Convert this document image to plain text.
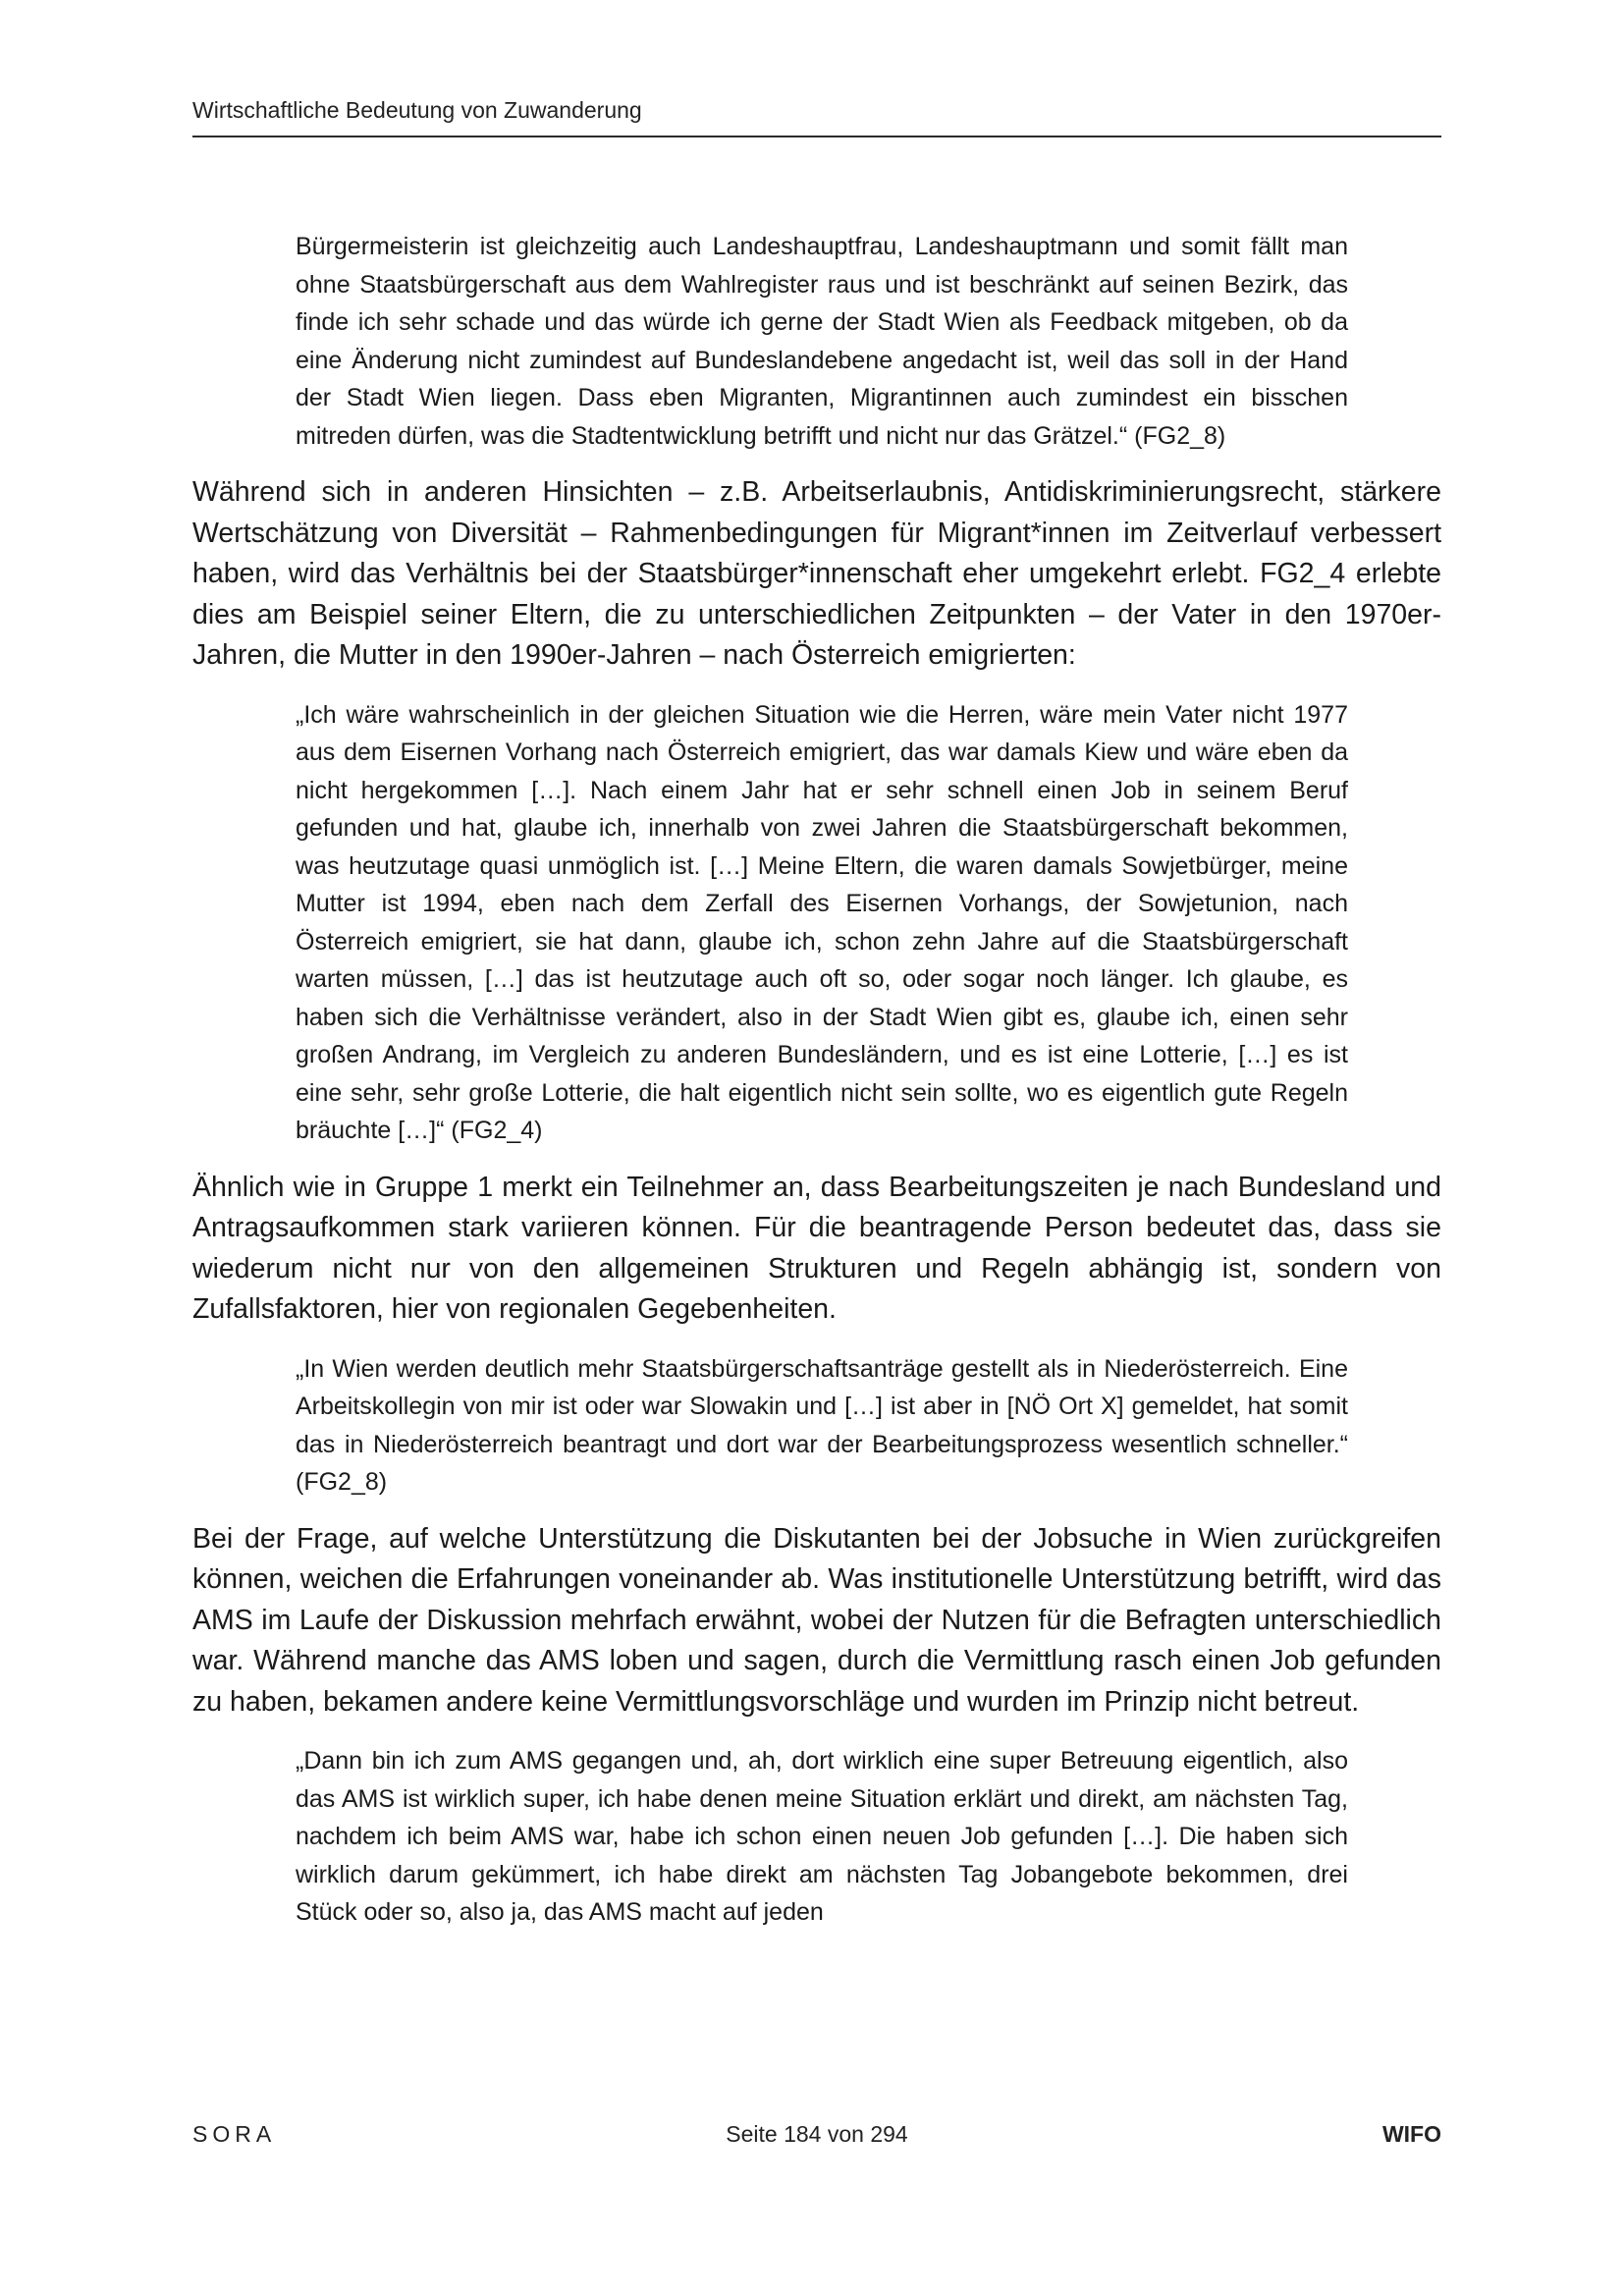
Wirtschaftliche Bedeutung von Zuwanderung

Bürgermeisterin ist gleichzeitig auch Landeshauptfrau, Landeshauptmann und somit fällt man ohne Staatsbürgerschaft aus dem Wahlregister raus und ist beschränkt auf seinen Bezirk, das finde ich sehr schade und das würde ich gerne der Stadt Wien als Feedback mitgeben, ob da eine Änderung nicht zumindest auf Bundeslandebene angedacht ist, weil das soll in der Hand der Stadt Wien liegen. Dass eben Migranten, Migrantinnen auch zumindest ein bisschen mitreden dürfen, was die Stadtentwicklung betrifft und nicht nur das Grätzel.“ (FG2_8)

Während sich in anderen Hinsichten – z.B. Arbeitserlaubnis, Antidiskriminierungsrecht, stärkere Wertschätzung von Diversität – Rahmenbedingungen für Migrant*innen im Zeitverlauf verbessert haben, wird das Verhältnis bei der Staatsbürger*innenschaft eher umgekehrt erlebt. FG2_4 erlebte dies am Beispiel seiner Eltern, die zu unterschiedlichen Zeitpunkten – der Vater in den 1970er-Jahren, die Mutter in den 1990er-Jahren – nach Österreich emigrierten:

„Ich wäre wahrscheinlich in der gleichen Situation wie die Herren, wäre mein Vater nicht 1977 aus dem Eisernen Vorhang nach Österreich emigriert, das war damals Kiew und wäre eben da nicht hergekommen […]. Nach einem Jahr hat er sehr schnell einen Job in seinem Beruf gefunden und hat, glaube ich, innerhalb von zwei Jahren die Staatsbürgerschaft bekommen, was heutzutage quasi unmöglich ist. […] Meine Eltern, die waren damals Sowjetbürger, meine Mutter ist 1994, eben nach dem Zerfall des Eisernen Vorhangs, der Sowjetunion, nach Österreich emigriert, sie hat dann, glaube ich, schon zehn Jahre auf die Staatsbürgerschaft warten müssen, […] das ist heutzutage auch oft so, oder sogar noch länger. Ich glaube, es haben sich die Verhältnisse verändert, also in der Stadt Wien gibt es, glaube ich, einen sehr großen Andrang, im Vergleich zu anderen Bundesländern, und es ist eine Lotterie, […] es ist eine sehr, sehr große Lotterie, die halt eigentlich nicht sein sollte, wo es eigentlich gute Regeln bräuchte […]“ (FG2_4)

Ähnlich wie in Gruppe 1 merkt ein Teilnehmer an, dass Bearbeitungszeiten je nach Bundesland und Antragsaufkommen stark variieren können. Für die beantragende Person bedeutet das, dass sie wiederum nicht nur von den allgemeinen Strukturen und Regeln abhängig ist, sondern von Zufallsfaktoren, hier von regionalen Gegebenheiten.

„In Wien werden deutlich mehr Staatsbürgerschaftsanträge gestellt als in Niederösterreich. Eine Arbeitskollegin von mir ist oder war Slowakin und […] ist aber in [NÖ Ort X] gemeldet, hat somit das in Niederösterreich beantragt und dort war der Bearbeitungsprozess wesentlich schneller.“ (FG2_8)

Bei der Frage, auf welche Unterstützung die Diskutanten bei der Jobsuche in Wien zurückgreifen können, weichen die Erfahrungen voneinander ab. Was institutionelle Unterstützung betrifft, wird das AMS im Laufe der Diskussion mehrfach erwähnt, wobei der Nutzen für die Befragten unterschiedlich war. Während manche das AMS loben und sagen, durch die Vermittlung rasch einen Job gefunden zu haben, bekamen andere keine Vermittlungsvorschläge und wurden im Prinzip nicht betreut.

„Dann bin ich zum AMS gegangen und, ah, dort wirklich eine super Betreuung eigentlich, also das AMS ist wirklich super, ich habe denen meine Situation erklärt und direkt, am nächsten Tag, nachdem ich beim AMS war, habe ich schon einen neuen Job gefunden […]. Die haben sich wirklich darum gekümmert, ich habe direkt am nächsten Tag Jobangebote bekommen, drei Stück oder so, also ja, das AMS macht auf jeden

SORA	Seite 184 von 294	WIFO
